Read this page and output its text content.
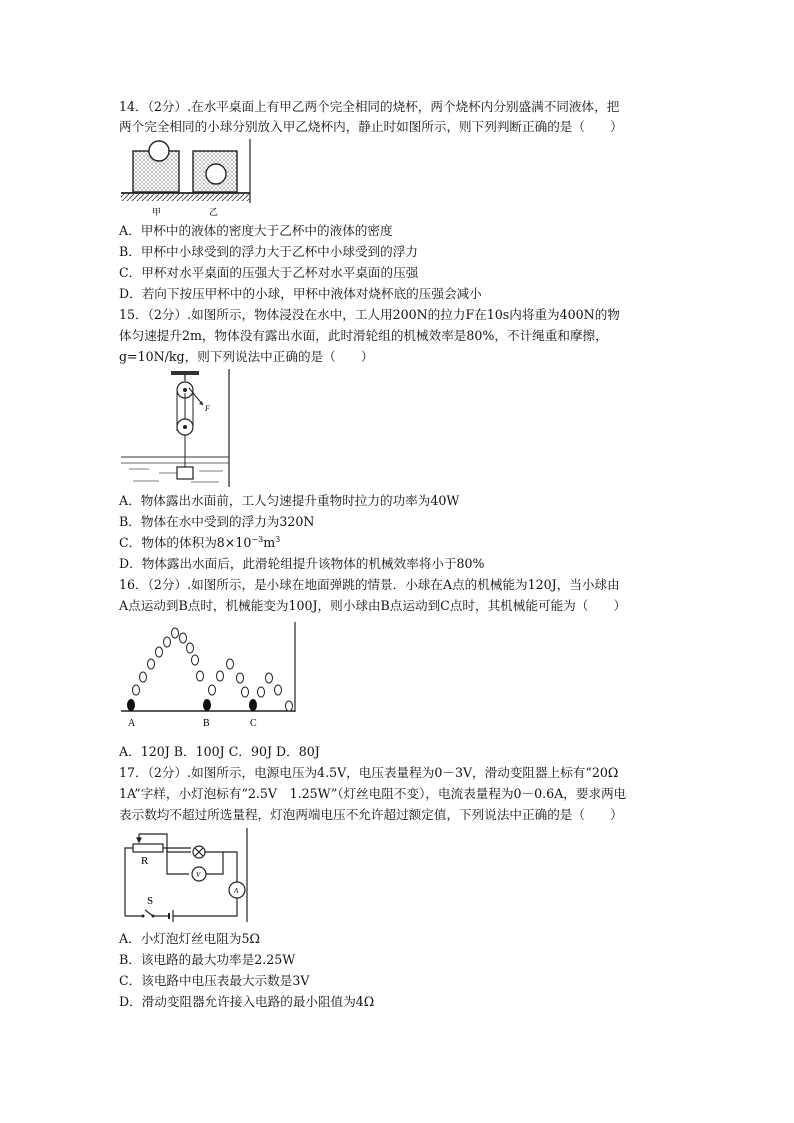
14．（2分）.在水平桌面上有甲乙两个完全相同的烧杯，两个烧杯内分别盛满不同液体，把
两个完全相同的小球分别放入甲乙烧杯内，静止时如图所示，则下列判断正确的是（　　）
甲	乙
A．甲杯中的液体的密度大于乙杯中的液体的密度
B．甲杯中小球受到的浮力大于乙杯中小球受到的浮力
C．甲杯对水平桌面的压强大于乙杯对水平桌面的压强
D．若向下按压甲杯中的小球，甲杯中液体对烧杯底的压强会减小
15．（2分）.如图所示，物体浸没在水中，工人用200N的拉力F在10s内将重为400N的物
体匀速提升2m，物体没有露出水面，此时滑轮组的机械效率是80%，不计绳重和摩擦，
g=10N/kg，则下列说法中正确的是（　　）
F
A．物体露出水面前，工人匀速提升重物时拉力的功率为40W
B．物体在水中受到的浮力为320N
C．物体的体积为$8\times 10^{-3}m^3$
D．物体露出水面后，此滑轮组提升该物体的机械效率将小于80%
16．（2分）.如图所示，是小球在地面弹跳的情景．小球在A点的机械能为120J，当小球由
A点运动到B点时，机械能变为100J，则小球由B点运动到C点时，其机械能可能为（　　）
A	B	C
A．120J B．100J C．90J D．80J
17．（2分）.如图所示，电源电压为4.5V，电压表量程为0－3V，滑动变阻器上标有“20Ω
1A”字样，小灯泡标有“2.5V　1.25W”（灯丝电阻不变），电流表量程为0－0.6A，要求两电
表示数均不超过所选量程，灯泡两端电压不允许超过额定值，下列说法中正确的是（　　）
R
S
V
A
A．小灯泡灯丝电阻为5Ω
B．该电路的最大功率是2.25W
C．该电路中电压表最大示数是3V
D．滑动变阻器允许接入电路的最小阻值为4Ω
